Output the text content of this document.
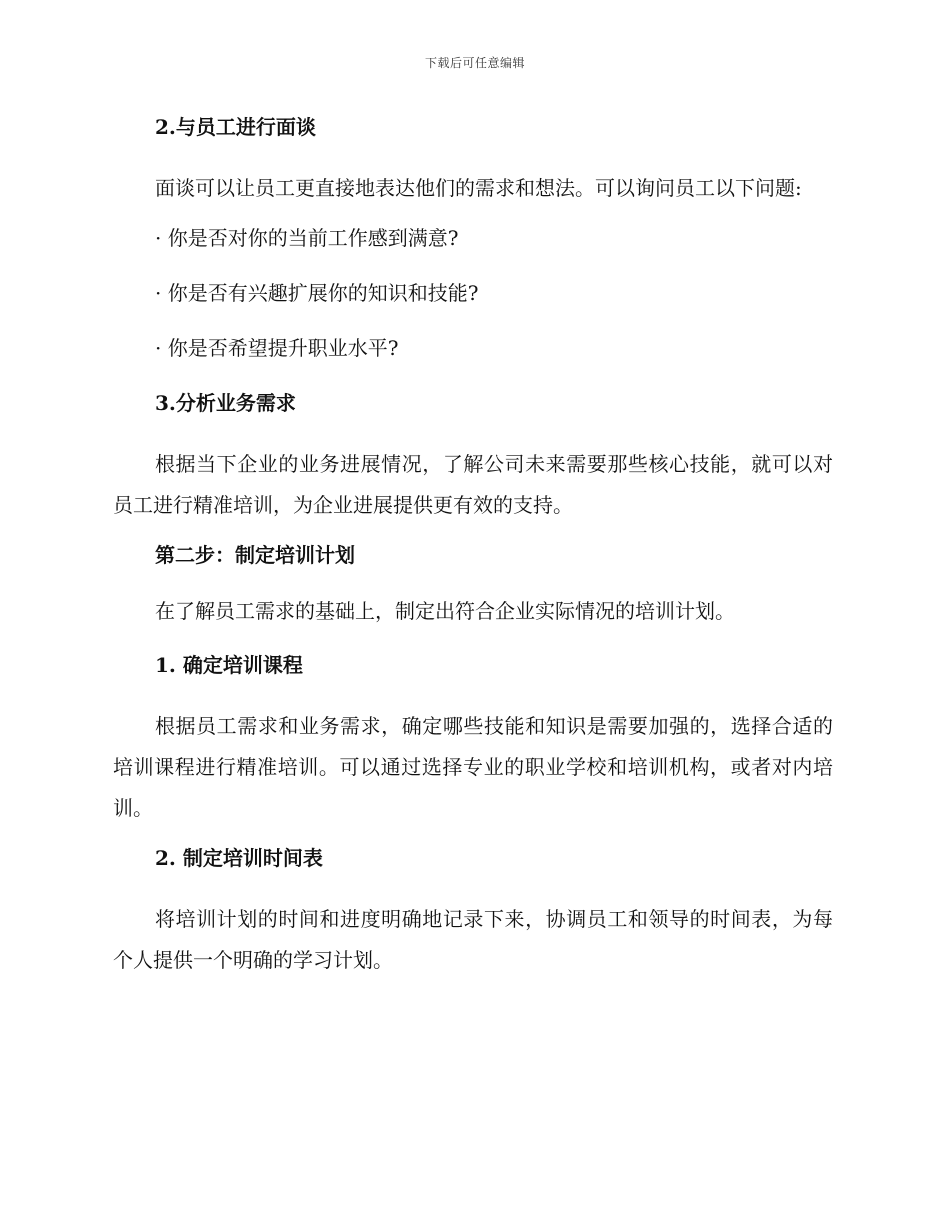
下载后可任意编辑
2.与员工进行面谈
面谈可以让员工更直接地表达他们的需求和想法。可以询问员工以下问题:
· 你是否对你的当前工作感到满意?
· 你是否有兴趣扩展你的知识和技能?
· 你是否希望提升职业水平?
3.分析业务需求
根据当下企业的业务进展情况，了解公司未来需要那些核心技能，就可以对员工进行精准培训，为企业进展提供更有效的支持。
第二步：制定培训计划
在了解员工需求的基础上，制定出符合企业实际情况的培训计划。
1. 确定培训课程
根据员工需求和业务需求，确定哪些技能和知识是需要加强的，选择合适的培训课程进行精准培训。可以通过选择专业的职业学校和培训机构，或者对内培训。
2. 制定培训时间表
将培训计划的时间和进度明确地记录下来，协调员工和领导的时间表，为每个人提供一个明确的学习计划。
